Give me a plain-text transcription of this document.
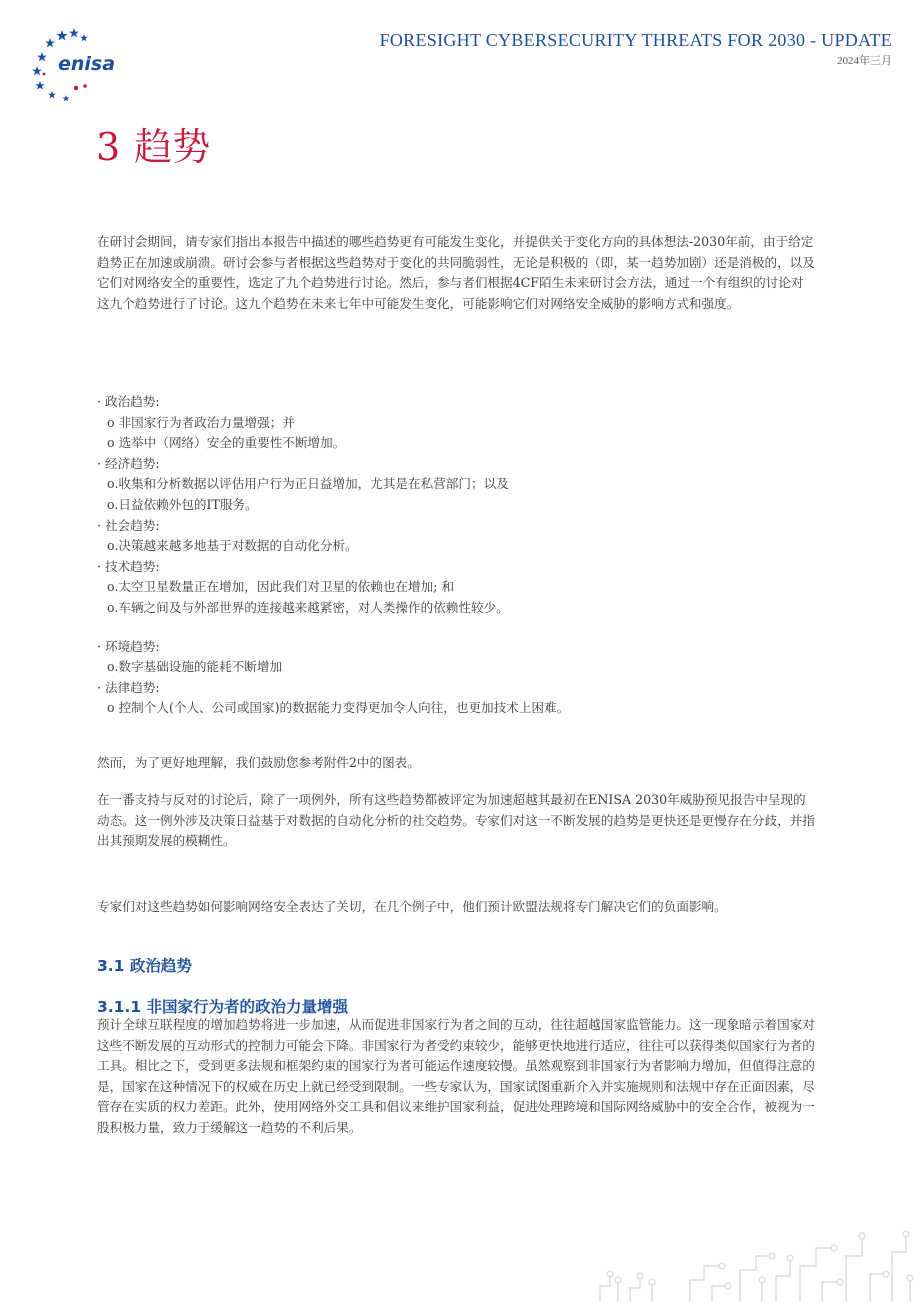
enisa
FORESIGHT CYBERSECURITY THREATS FOR 2030 - UPDATE
2024年三月
3 趋势
在研讨会期间，请专家们指出本报告中描述的哪些趋势更有可能发生变化，并提供关于变化方向的具体想法-2030年前，由于给定趋势正在加速或崩溃。研讨会参与者根据这些趋势对于变化的共同脆弱性，无论是积极的（即，某一趋势加剧）还是消极的，以及它们对网络安全的重要性，选定了九个趋势进行讨论。然后，参与者们根据4CF陌生未来研讨会方法，通过一个有组织的讨论对这九个趋势进行了讨论。这九个趋势在未来七年中可能发生变化，可能影响它们对网络安全威胁的影响方式和强度。
· 政治趋势:
o 非国家行为者政治力量增强；并
o 选举中（网络）安全的重要性不断增加。
· 经济趋势:
o.收集和分析数据以评估用户行为正日益增加，尤其是在私营部门；以及
o.日益依赖外包的IT服务。
· 社会趋势:
o.决策越来越多地基于对数据的自动化分析。
· 技术趋势:
o.太空卫星数量正在增加，因此我们对卫星的依赖也在增加; 和
o.车辆之间及与外部世界的连接越来越紧密，对人类操作的依赖性较少。
· 环境趋势:
o.数字基础设施的能耗不断增加
· 法律趋势:
o 控制个人(个人、公司或国家)的数据能力变得更加令人向往，也更加技术上困难。
然而，为了更好地理解，我们鼓励您参考附件2中的图表。
在一番支持与反对的讨论后，除了一项例外，所有这些趋势都被评定为加速超越其最初在ENISA 2030年威胁预见报告中呈现的动态。这一例外涉及决策日益基于对数据的自动化分析的社交趋势。专家们对这一不断发展的趋势是更快还是更慢存在分歧，并指出其预期发展的模糊性。
专家们对这些趋势如何影响网络安全表达了关切，在几个例子中，他们预计欧盟法规将专门解决它们的负面影响。
3.1 政治趋势
3.1.1 非国家行为者的政治力量增强
预计全球互联程度的增加趋势将进一步加速，从而促进非国家行为者之间的互动，往往超越国家监管能力。这一现象暗示着国家对这些不断发展的互动形式的控制力可能会下降。非国家行为者受约束较少，能够更快地进行适应，往往可以获得类似国家行为者的工具。相比之下，受到更多法规和框架约束的国家行为者可能运作速度较慢。虽然观察到非国家行为者影响力增加，但值得注意的是，国家在这种情况下的权威在历史上就已经受到限制。一些专家认为，国家试图重新介入并实施规则和法规中存在正面因素，尽管存在实质的权力差距。此外，使用网络外交工具和倡议来维护国家利益，促进处理跨境和国际网络威胁中的安全合作，被视为一股积极力量，致力于缓解这一趋势的不利后果。
